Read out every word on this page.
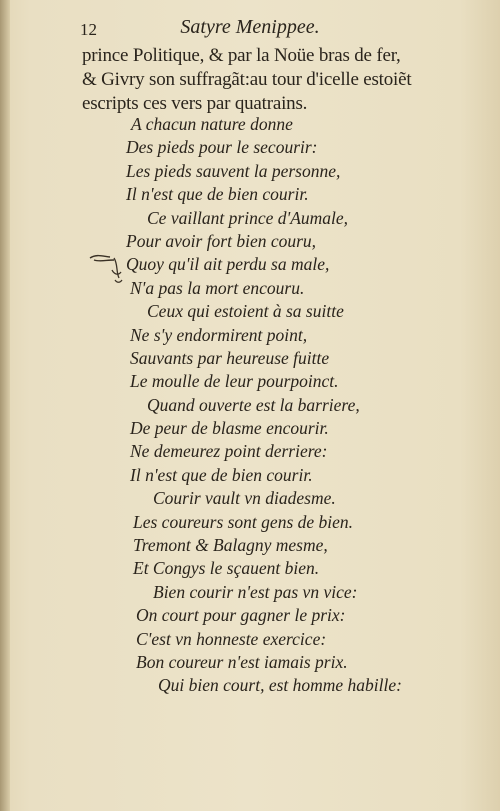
12	Satyre Menippee.
prince Politique, & par la Noüe bras de fer,
& Givry son suffragãt:au tour d'icelle estoiẽt
escripts ces vers par quatrains.
A chacun nature donne
Des pieds pour le secourir:
Les pieds sauvent la personne,
Il n'est que de bien courir.
Ce vaillant prince d'Aumale,
Pour avoir fort bien couru,
Quoy qu'il ait perdu sa male,
N'a pas la mort encouru.
Ceux qui estoient à sa suitte
Ne s'y endormirent point,
Sauvants par heureuse fuitte
Le moulle de leur pourpoinct.
Quand ouverte est la barriere,
De peur de blasme encourir.
Ne demeurez point derriere:
Il n'est que de bien courir.
Courir vault vn diadesme.
Les coureurs sont gens de bien.
Tremont & Balagny mesme,
Et Congys le sçauent bien.
Bien courir n'est pas vn vice:
On court pour gagner le prix:
C'est vn honneste exercice:
Bon coureur n'est iamais prix.
Qui bien court, est homme habille:
